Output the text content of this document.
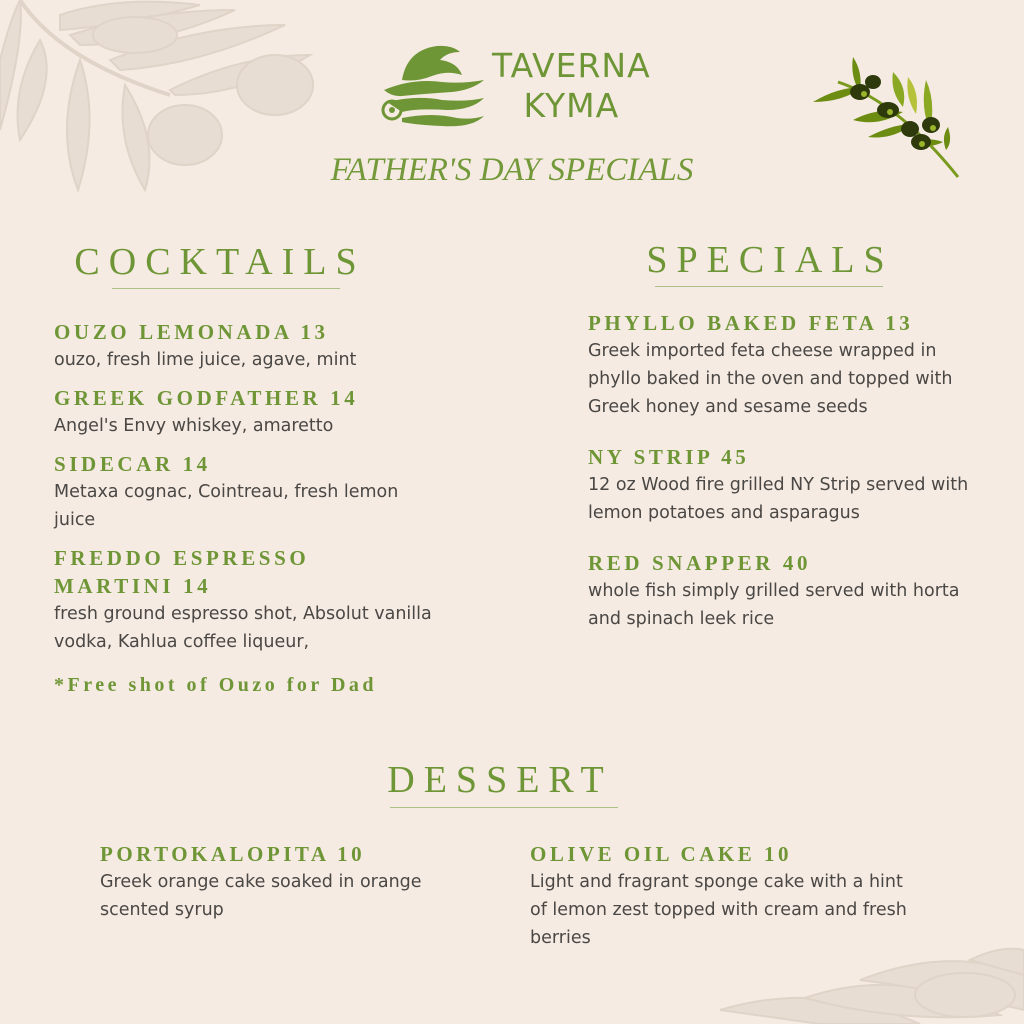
TAVERNA
KYMA
FATHER'S DAY SPECIALS
COCKTAILS
OUZO LEMONADA 13
ouzo, fresh lime juice, agave, mint
GREEK GODFATHER 14
Angel's Envy whiskey, amaretto
SIDECAR 14
Metaxa cognac, Cointreau, fresh lemon juice
FREDDO ESPRESSO MARTINI 14
fresh ground espresso shot, Absolut vanilla vodka, Kahlua coffee liqueur,
*Free shot of Ouzo for Dad
SPECIALS
PHYLLO BAKED FETA 13
Greek imported feta cheese wrapped in phyllo baked in the oven and topped with Greek honey and sesame seeds
NY STRIP 45
12 oz Wood fire grilled NY Strip served with lemon potatoes and asparagus
RED SNAPPER 40
whole fish simply grilled served with horta and spinach leek rice
DESSERT
PORTOKALOPITA 10
Greek orange cake soaked in orange scented syrup
OLIVE OIL CAKE 10
Light and fragrant sponge cake with a hint of lemon zest topped with cream and fresh berries
